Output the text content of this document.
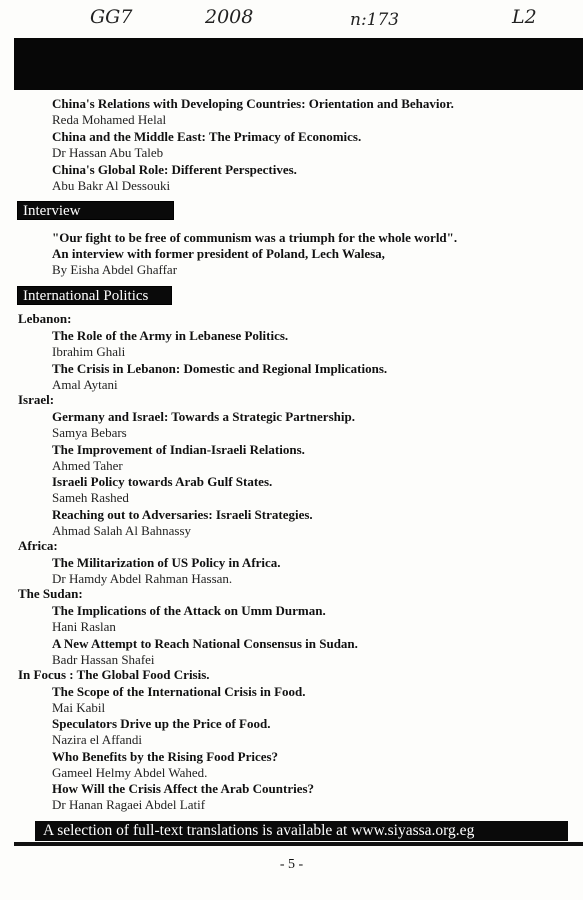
GG7	2008	n:173	L2
China's Relations with Developing Countries: Orientation and Behavior.
Reda Mohamed Helal
China and the Middle East: The Primacy of Economics.
Dr Hassan Abu Taleb
China's Global Role: Different Perspectives.
Abu Bakr Al Dessouki
Interview
"Our fight to be free of communism was a triumph for the whole world".
An interview with former president of Poland, Lech Walesa,
By Eisha Abdel Ghaffar
International Politics
Lebanon:
The Role of the Army in Lebanese Politics.
Ibrahim Ghali
The Crisis in Lebanon: Domestic and Regional Implications.
Amal Aytani
Israel:
Germany and Israel: Towards a Strategic Partnership.
Samya Bebars
The Improvement of Indian-Israeli Relations.
Ahmed Taher
Israeli Policy towards Arab Gulf States.
Sameh Rashed
Reaching out to Adversaries: Israeli Strategies.
Ahmad Salah Al Bahnassy
Africa:
The Militarization of US Policy in Africa.
Dr Hamdy Abdel Rahman Hassan.
The Sudan:
The Implications of the Attack on Umm Durman.
Hani Raslan
A New Attempt to Reach National Consensus in Sudan.
Badr Hassan Shafei
In Focus : The Global Food Crisis.
The Scope of the International Crisis in Food.
Mai Kabil
Speculators Drive up the Price of Food.
Nazira el Affandi
Who Benefits by the Rising Food Prices?
Gameel Helmy Abdel Wahed.
How Will the Crisis Affect the Arab Countries?
Dr Hanan Ragaei Abdel Latif
A selection of full-text translations is available at www.siyassa.org.eg
- 5 -
